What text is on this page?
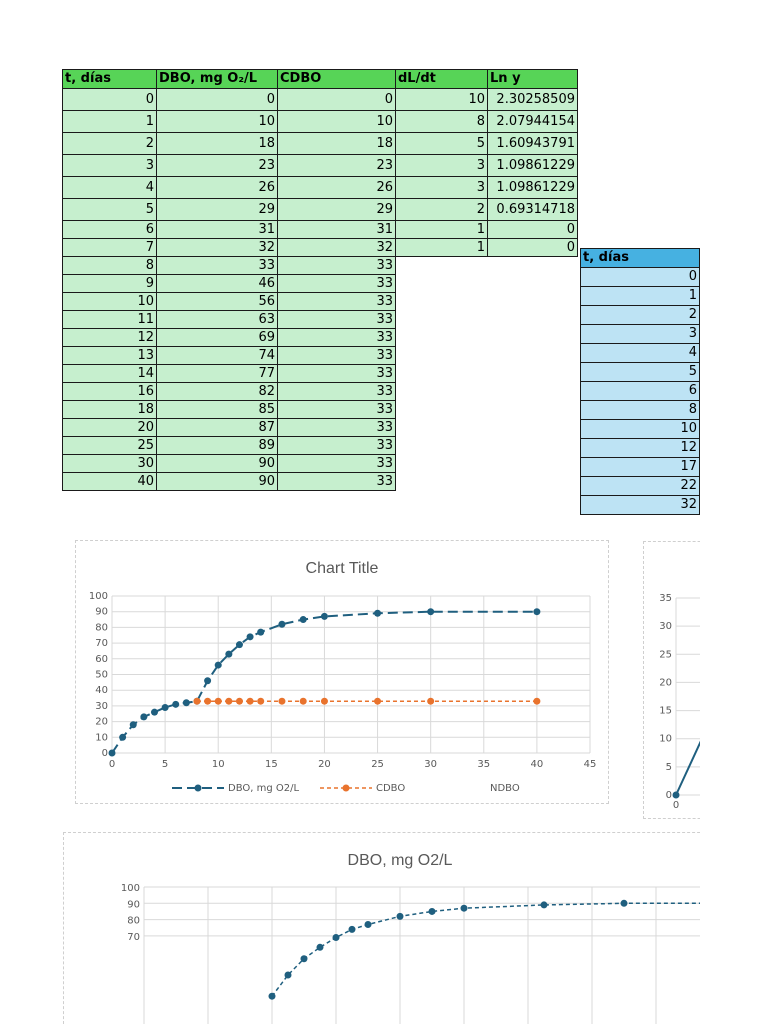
t, días	DBO, mg O₂/L	CDBO	dL/dt	Ln y
0	0	0	10	2.30258509
1	10	10	8	2.07944154
2	18	18	5	1.60943791
3	23	23	3	1.09861229
4	26	26	3	1.09861229
5	29	29	2	0.69314718
6	31	31	1	0
7	32	32	1	0
8	33	33		
9	46	33		
10	56	33		
11	63	33		
12	69	33		
13	74	33		
14	77	33		
16	82	33		
18	85	33		
20	87	33		
25	89	33		
30	90	33		
40	90	33		
t, días
0
1
2
3
4
5
6
8
10
12
17
22
32
Chart Title
0
10
20
30
40
50
60
70
80
90
100
0	5	10	15	20	25	30	35	40	45
DBO, mg O2/L	CDBO	NDBO
0
5
10
15
20
25
30
35
0
DBO, mg O2/L
70
80
90
100
